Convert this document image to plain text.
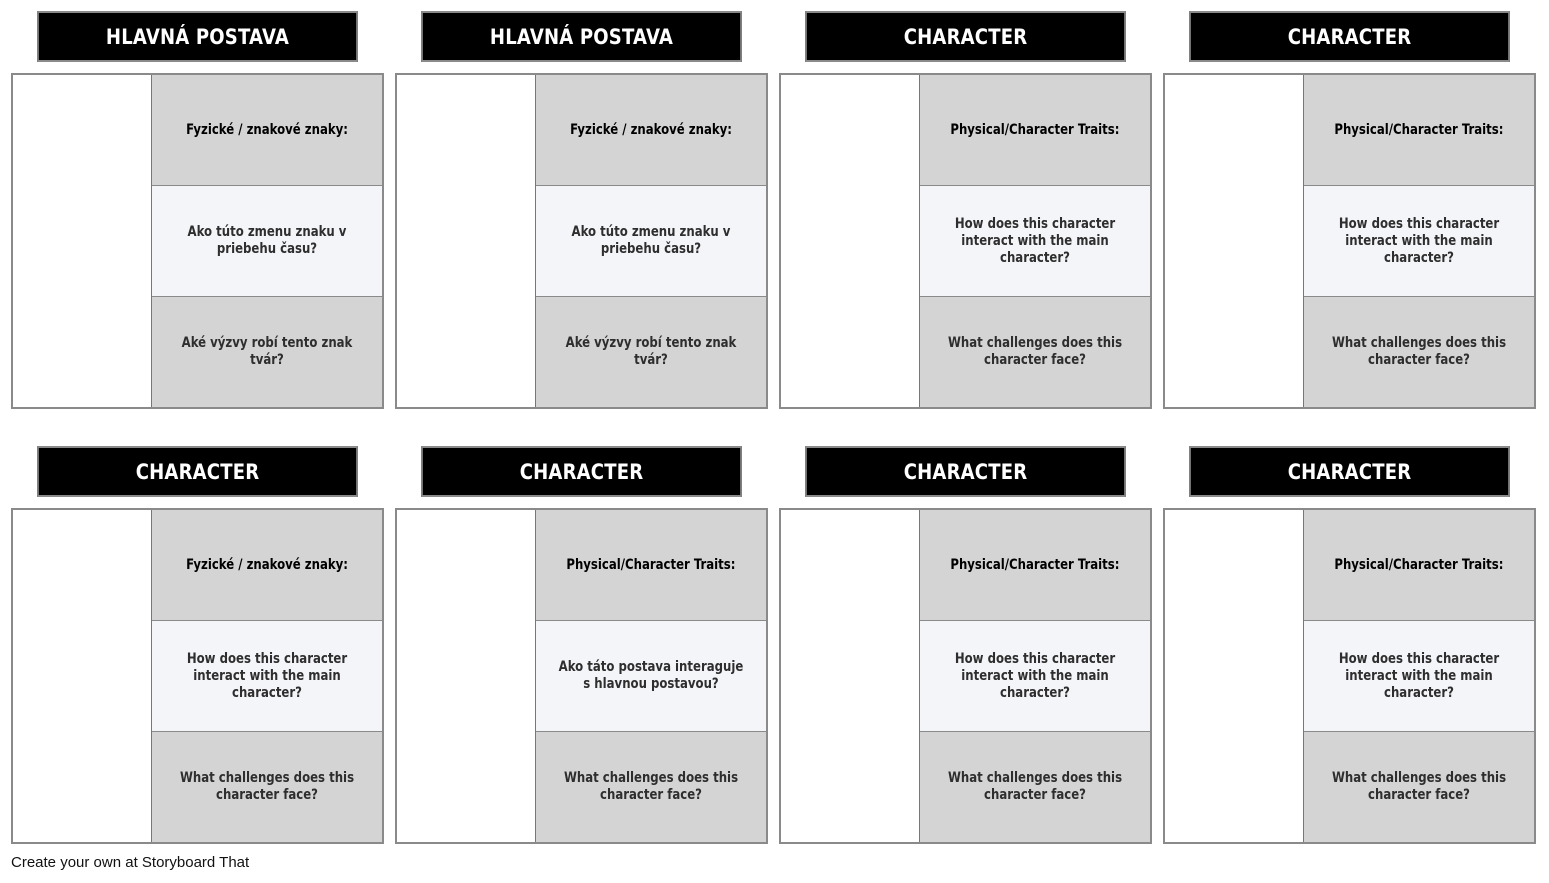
HLAVNÁ POSTAVA
Fyzické / znakové znaky:
Ako túto zmenu znaku v priebehu času?
Aké výzvy robí tento znak tvár?
HLAVNÁ POSTAVA
Fyzické / znakové znaky:
Ako túto zmenu znaku v priebehu času?
Aké výzvy robí tento znak tvár?
CHARACTER
Physical/Character Traits:
How does this character interact with the main character?
What challenges does this character face?
CHARACTER
Physical/Character Traits:
How does this character interact with the main character?
What challenges does this character face?
CHARACTER
Fyzické / znakové znaky:
How does this character interact with the main character?
What challenges does this character face?
CHARACTER
Physical/Character Traits:
Ako táto postava interaguje s hlavnou postavou?
What challenges does this character face?
CHARACTER
Physical/Character Traits:
How does this character interact with the main character?
What challenges does this character face?
CHARACTER
Physical/Character Traits:
How does this character interact with the main character?
What challenges does this character face?
Create your own at Storyboard That
